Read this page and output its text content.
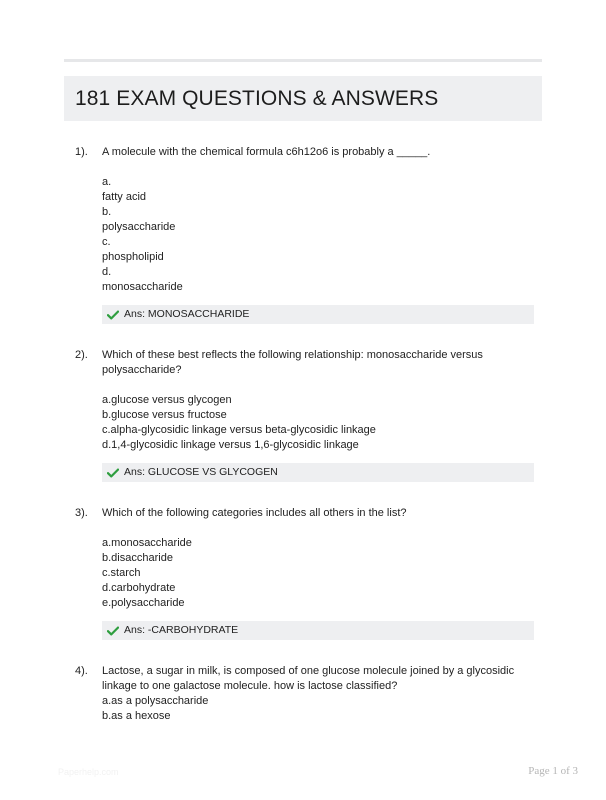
181 EXAM QUESTIONS & ANSWERS
1). A molecule with the chemical formula c6h12o6 is probably a _____.

a.
fatty acid
b.
polysaccharide
c.
phospholipid
d.
monosaccharide
Ans: MONOSACCHARIDE
2). Which of these best reflects the following relationship: monosaccharide versus
polysaccharide?

a.glucose versus glycogen
b.glucose versus fructose
c.alpha-glycosidic linkage versus beta-glycosidic linkage
d.1,4-glycosidic linkage versus 1,6-glycosidic linkage
Ans: GLUCOSE VS GLYCOGEN
3). Which of the following categories includes all others in the list?

a.monosaccharide
b.disaccharide
c.starch
d.carbohydrate
e.polysaccharide
Ans: -CARBOHYDRATE
4). Lactose, a sugar in milk, is composed of one glucose molecule joined by a glycosidic
linkage to one galactose molecule. how is lactose classified?

a.as a polysaccharide
b.as a hexose
Paperhelp.com	Page 1 of 3
